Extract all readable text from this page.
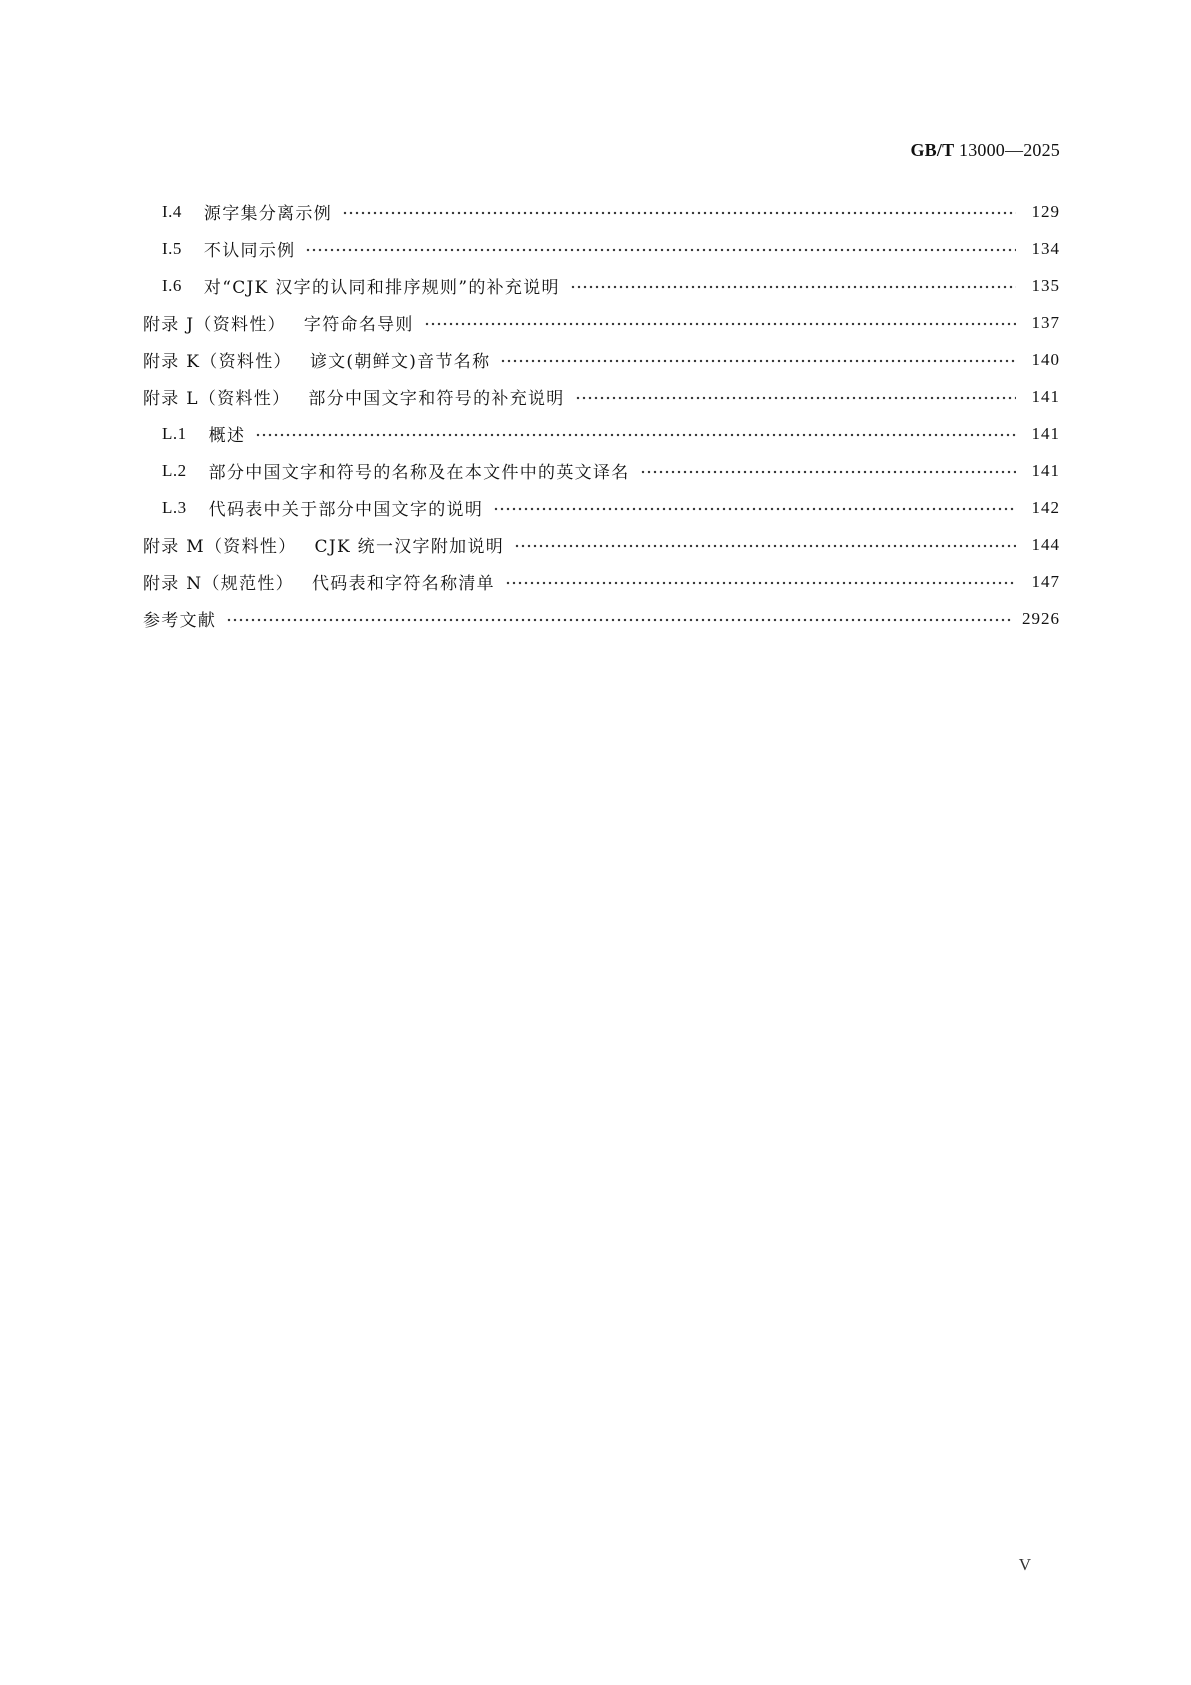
GB/T 13000—2025
I.4 源字集分离示例	129
I.5 不认同示例	134
I.6 对“CJK 汉字的认同和排序规则”的补充说明	135
附录 J（资料性） 字符命名导则	137
附录 K（资料性） 谚文(朝鲜文)音节名称	140
附录 L（资料性） 部分中国文字和符号的补充说明	141
L.1 概述	141
L.2 部分中国文字和符号的名称及在本文件中的英文译名	141
L.3 代码表中关于部分中国文字的说明	142
附录 M（资料性） CJK 统一汉字附加说明	144
附录 N（规范性） 代码表和字符名称清单	147
参考文献	2926
V
